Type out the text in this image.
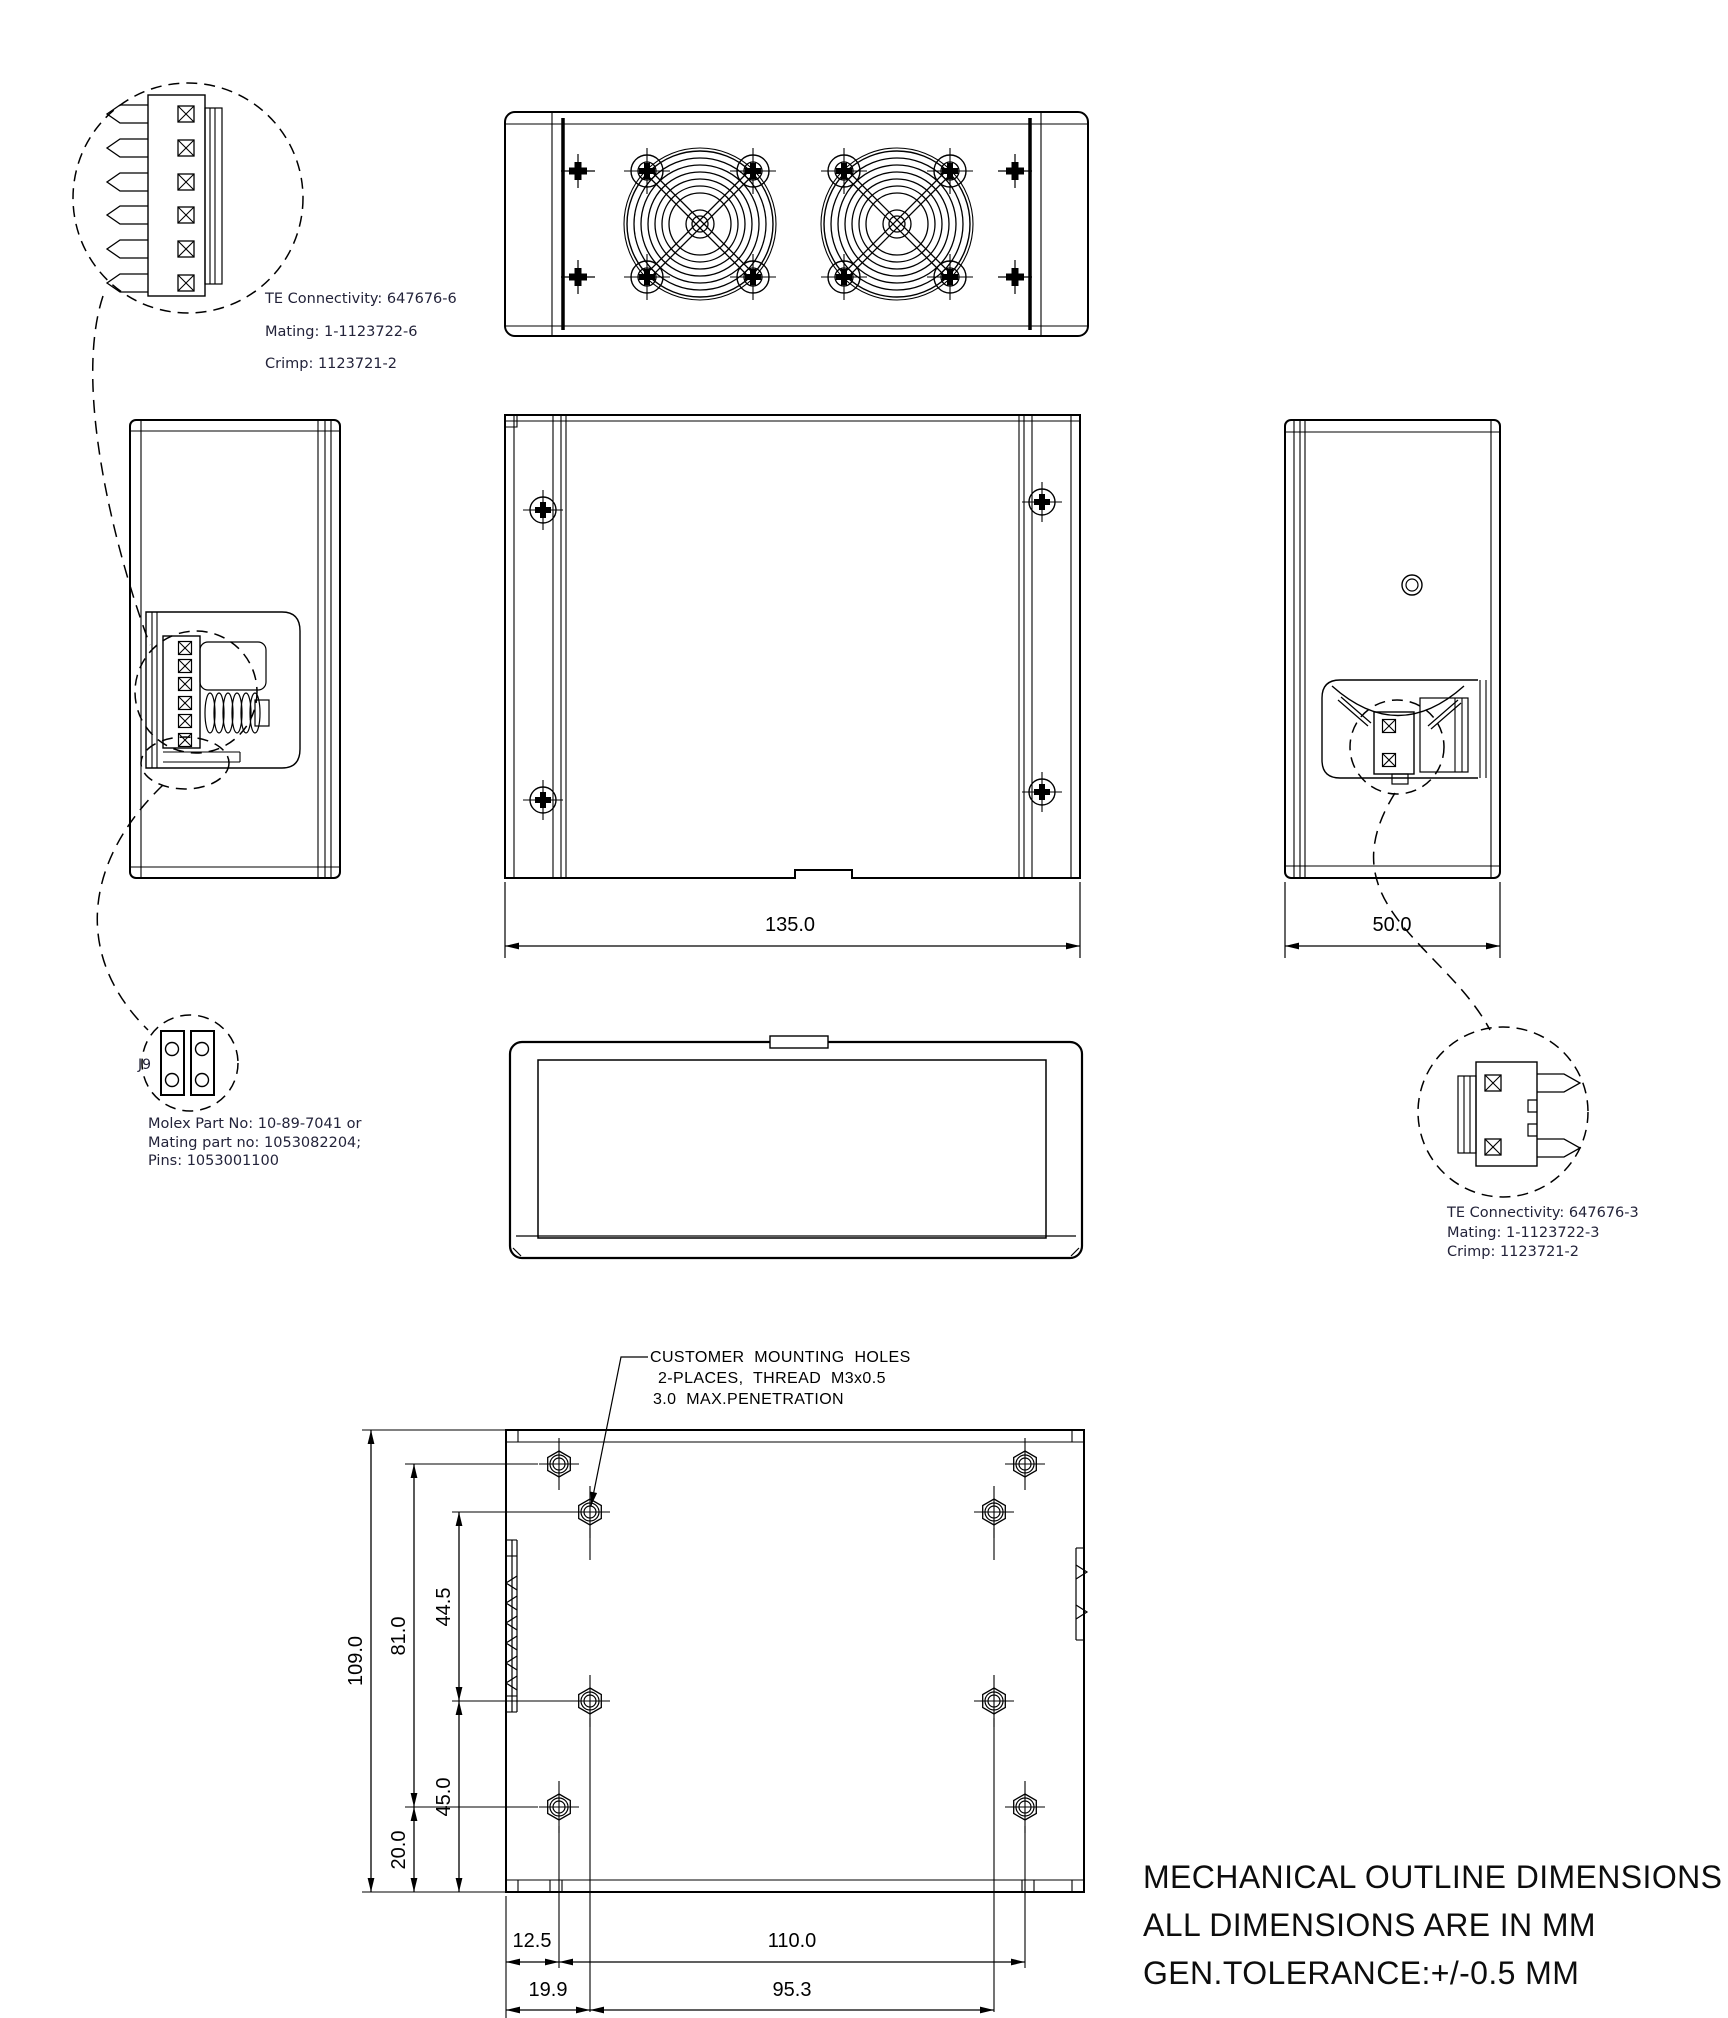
135.0	50.0
TE Connectivity: 647676-6
Mating: 1-1123722-6
Crimp: 1123721-2
J9
Molex Part No: 10-89-7041 or
Mating part no: 1053082204;
Pins: 1053001100
TE Connectivity: 647676-3
Mating: 1-1123722-3
Crimp: 1123721-2
109.0 81.0
44.5
20.0
45.0
12.5	110.0
19.9	95.3
CUSTOMER MOUNTING HOLES
2-PLACES, THREAD M3x0.5
3.0 MAX.PENETRATION
MECHANICAL OUTLINE DIMENSIONS
ALL DIMENSIONS ARE IN MM
GEN.TOLERANCE:+/-0.5 MM
